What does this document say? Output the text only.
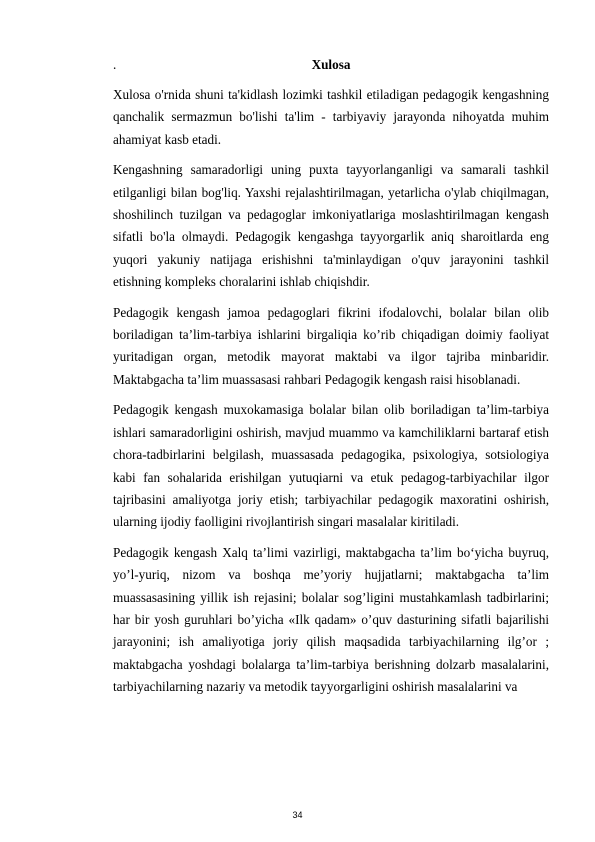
.	Xulosa

Xulosa o'rnida shuni ta'kidlash lozimki tashkil etiladigan pedagogik kengashning qanchalik sermazmun bo'lishi ta'lim - tarbiyaviy jarayonda nihoyatda muhim ahamiyat kasb etadi.

Kengashning samaradorligi uning puxta tayyorlanganligi va samarali tashkil etilganligi bilan bog'liq. Yaxshi rejalashtirilmagan, yetarlicha o'ylab chiqilmagan, shoshilinch tuzilgan va pedagoglar imkoniyatlariga moslashtirilmagan kengash sifatli bo'la olmaydi. Pedagogik kengashga tayyorgarlik aniq sharoitlarda eng yuqori yakuniy natijaga erishishni ta'minlaydigan o'quv jarayonini tashkil etishning kompleks choralarini ishlab chiqishdir.

Pedagogik kengash jamoa pedagoglari fikrini ifodalovchi, bolalar bilan olib boriladigan ta’lim-tarbiya ishlarini birgaliqia ko’rib chiqadigan doimiy faoliyat yuritadigan organ, metodik mayorat maktabi va ilgor tajriba minbaridir. Maktabgacha ta’lim muassasasi rahbari Pedagogik kengash raisi hisoblanadi.

Pedagogik kengash muxokamasiga bolalar bilan olib boriladigan ta’lim-tarbiya ishlari samaradorligini oshirish, mavjud muammo va kamchiliklarni bartaraf etish chora-tadbirlarini belgilash, muassasada pedagogika, psixologiya, sotsiologiya kabi fan sohalarida erishilgan yutuqiarni va etuk pedagog-tarbiyachilar ilgor tajribasini amaliyotga joriy etish; tarbiyachilar pedagogik maxoratini oshirish, ularning ijodiy faolligini rivojlantirish singari masalalar kiritiladi.

Pedagogik kengash Xalq ta’limi vazirligi, maktabgacha ta’lim bo‘yicha buyruq, yo’l-yuriq, nizom va boshqa me’yoriy hujjatlarni; maktabgacha ta’lim muassasasining yillik ish rejasini; bolalar sog’ligini mustahkamlash tadbirlarini; har bir yosh guruhlari bo’yicha «Ilk qadam» o’quv dasturining sifatli bajarilishi jarayonini; ish amaliyotiga joriy qilish maqsadida tarbiyachilarning ilg’or ; maktabgacha yoshdagi bolalarga ta’lim-tarbiya berishning dolzarb masalalarini, tarbiyachilarning nazariy va metodik tayyorgarligini oshirish masalalarini va

34
